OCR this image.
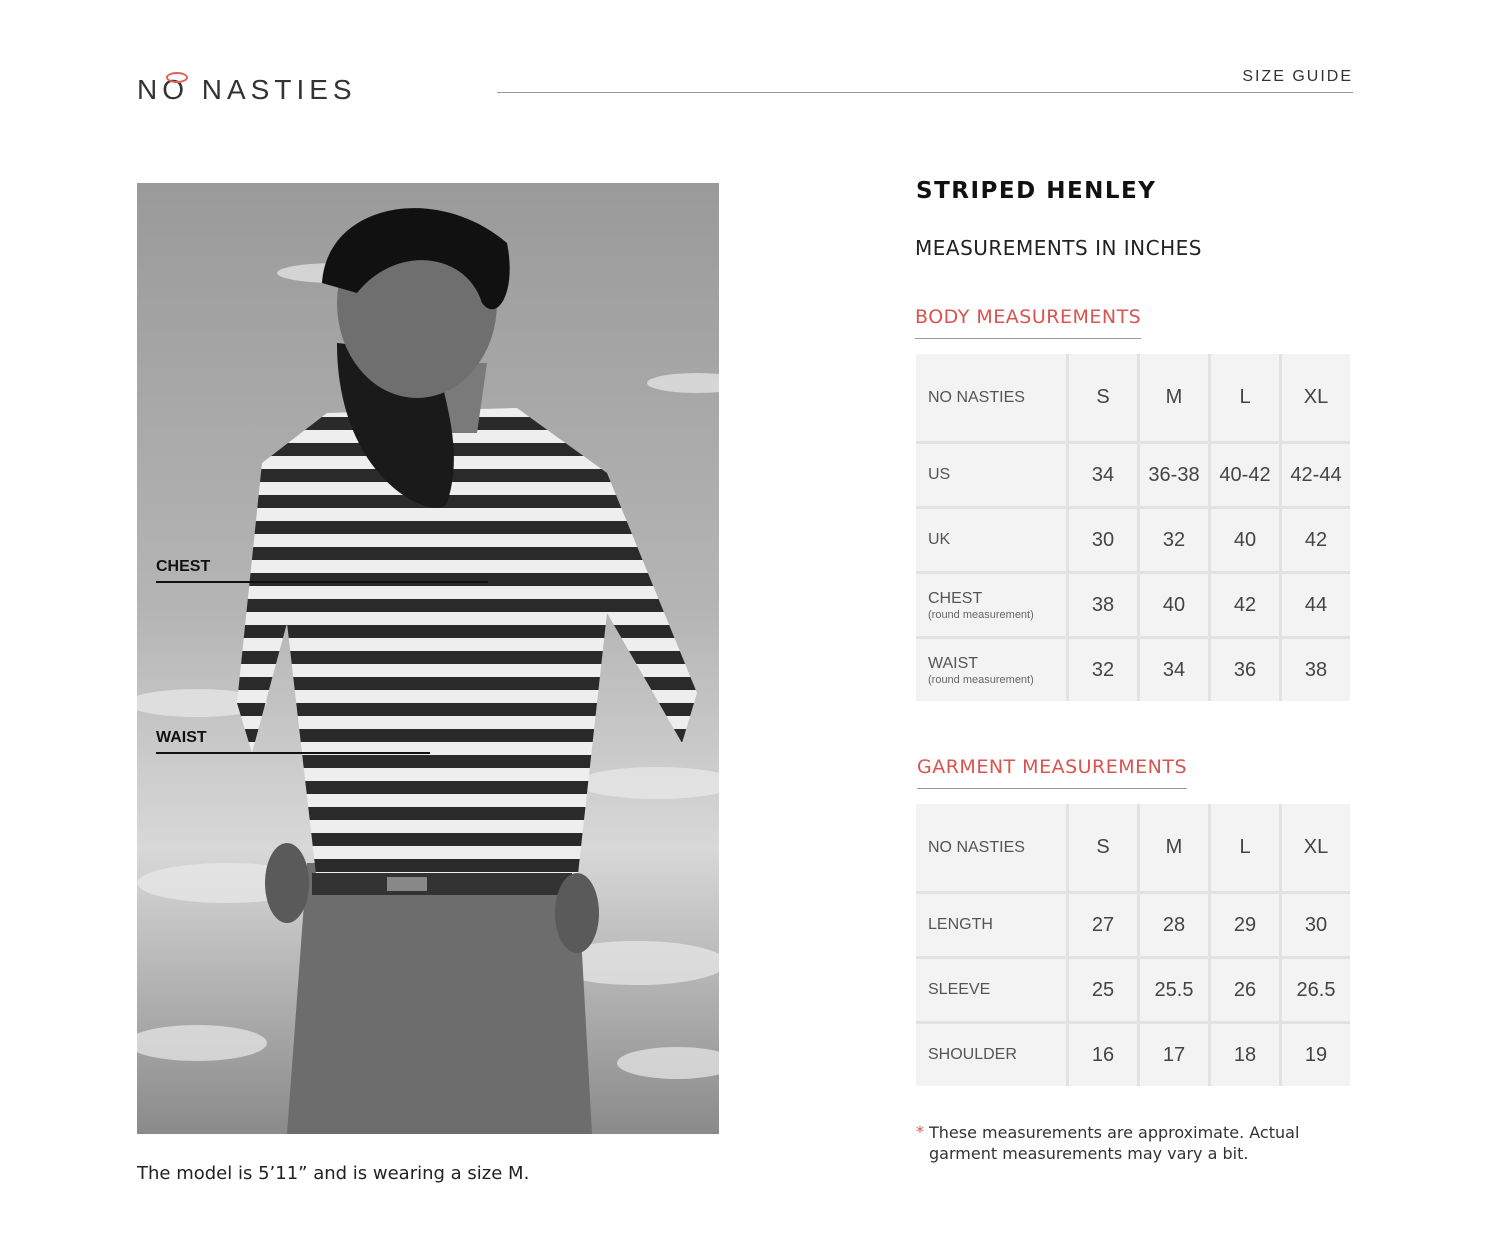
NO NASTIES	SIZE GUIDE
CHEST
WAIST
The model is 5’11” and is wearing a size M.
STRIPED HENLEY
MEASUREMENTS IN INCHES
BODY MEASUREMENTS
NO NASTIES	S	M	L	XL
US	34	36-38	40-42	42-44
UK	30	32	40	42
CHEST
(round measurement)	38	40	42	44
WAIST
(round measurement)	32	34	36	38
GARMENT MEASUREMENTS
NO NASTIES	S	M	L	XL
LENGTH	27	28	29	30
SLEEVE	25	25.5	26	26.5
SHOULDER	16	17	18	19
* These measurements are approximate. Actual garment measurements may vary a bit.
